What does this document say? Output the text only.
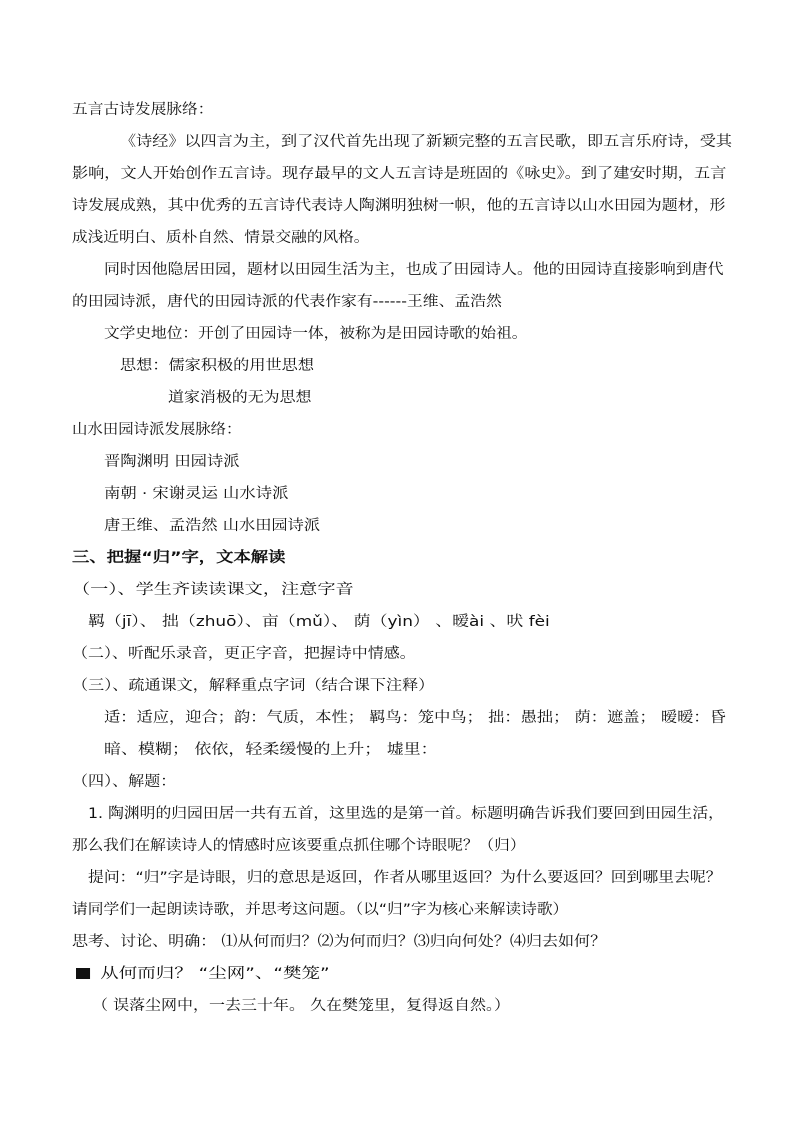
五言古诗发展脉络：
《诗经》以四言为主，到了汉代首先出现了新颖完整的五言民歌，即五言乐府诗，受其
影响，文人开始创作五言诗。现存最早的文人五言诗是班固的《咏史》。到了建安时期，五言
诗发展成熟，其中优秀的五言诗代表诗人陶渊明独树一帜，他的五言诗以山水田园为题材，形
成浅近明白、质朴自然、情景交融的风格。
同时因他隐居田园，题材以田园生活为主，也成了田园诗人。他的田园诗直接影响到唐代
的田园诗派，唐代的田园诗派的代表作家有------王维、孟浩然
文学史地位：开创了田园诗一体，被称为是田园诗歌的始祖。
思想：儒家积极的用世思想
道家消极的无为思想
山水田园诗派发展脉络：
晋陶渊明 田园诗派
南朝 · 宋谢灵运 山水诗派
唐王维、孟浩然 山水田园诗派
三、把握“归”字，文本解读
（一）、学生齐读读课文，注意字音
羁（jī）、 拙（zhuō）、亩（mǔ）、 荫（yìn） 、暧ài 、吠 fèi
（二）、听配乐录音，更正字音，把握诗中情感。
（三）、疏通课文，解释重点字词（结合课下注释）
适：适应，迎合；韵：气质，本性； 羁鸟：笼中鸟； 拙：愚拙； 荫：遮盖； 暧暧：昏
暗、模糊； 依依，轻柔缓慢的上升； 墟里：
（四）、解题：
1. 陶渊明的归园田居一共有五首，这里选的是第一首。标题明确告诉我们要回到田园生活，
那么我们在解读诗人的情感时应该要重点抓住哪个诗眼呢？（归）
提问：“归”字是诗眼，归的意思是返回，作者从哪里返回？为什么要返回？回到哪里去呢？
请同学们一起朗读诗歌，并思考这问题。（以“归”字为核心来解读诗歌）
思考、讨论、明确： ⑴从何而归？⑵为何而归？⑶归向何处？⑷归去如何？
从何而归？ “尘网”、“樊笼”
（ 误落尘网中，一去三十年。 久在樊笼里，复得返自然。）
